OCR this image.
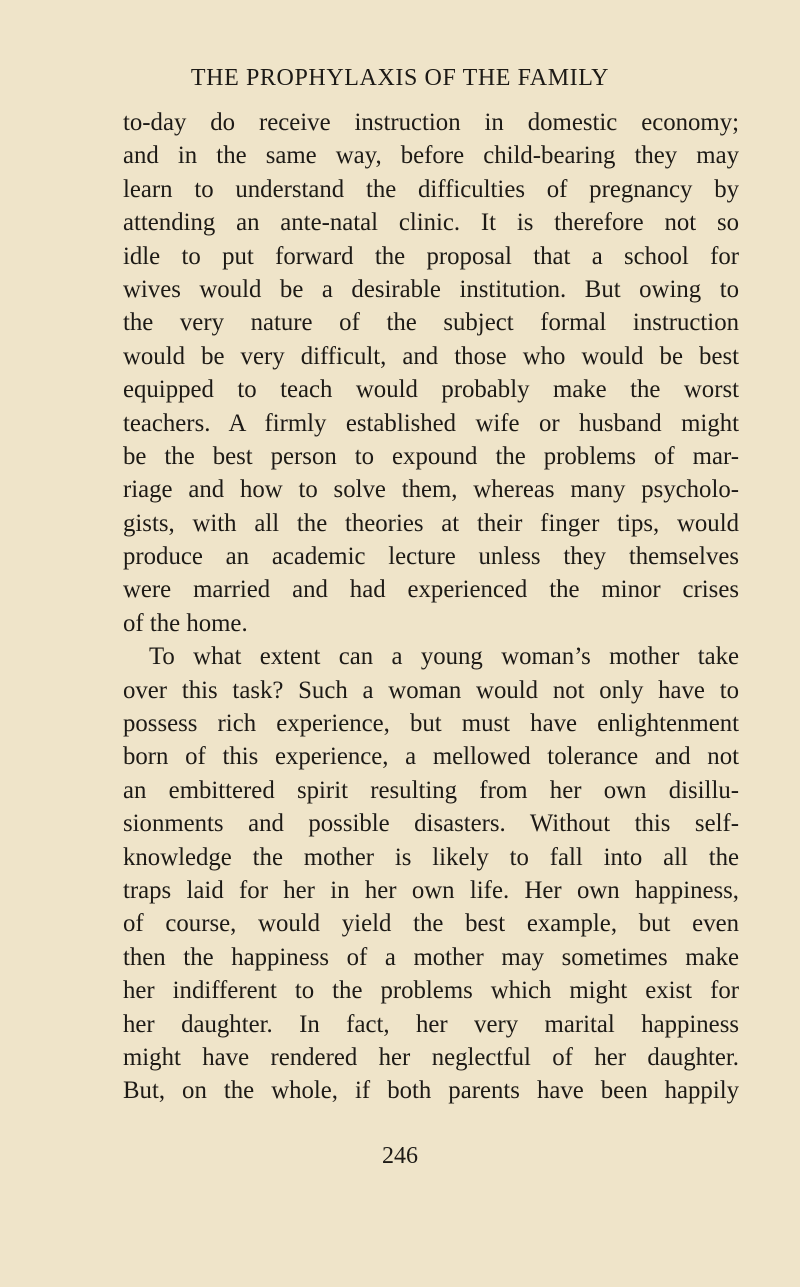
THE PROPHYLAXIS OF THE FAMILY
to-day do receive instruction in domestic economy;
and in the same way, before child-bearing they may
learn to understand the difficulties of pregnancy by
attending an ante-natal clinic. It is therefore not so
idle to put forward the proposal that a school for
wives would be a desirable institution. But owing to
the very nature of the subject formal instruction
would be very difficult, and those who would be best
equipped to teach would probably make the worst
teachers. A firmly established wife or husband might
be the best person to expound the problems of mar-
riage and how to solve them, whereas many psycholo-
gists, with all the theories at their finger tips, would
produce an academic lecture unless they themselves
were married and had experienced the minor crises
of the home.
To what extent can a young woman’s mother take
over this task? Such a woman would not only have to
possess rich experience, but must have enlightenment
born of this experience, a mellowed tolerance and not
an embittered spirit resulting from her own disillu-
sionments and possible disasters. Without this self-
knowledge the mother is likely to fall into all the
traps laid for her in her own life. Her own happiness,
of course, would yield the best example, but even
then the happiness of a mother may sometimes make
her indifferent to the problems which might exist for
her daughter. In fact, her very marital happiness
might have rendered her neglectful of her daughter.
But, on the whole, if both parents have been happily
246
